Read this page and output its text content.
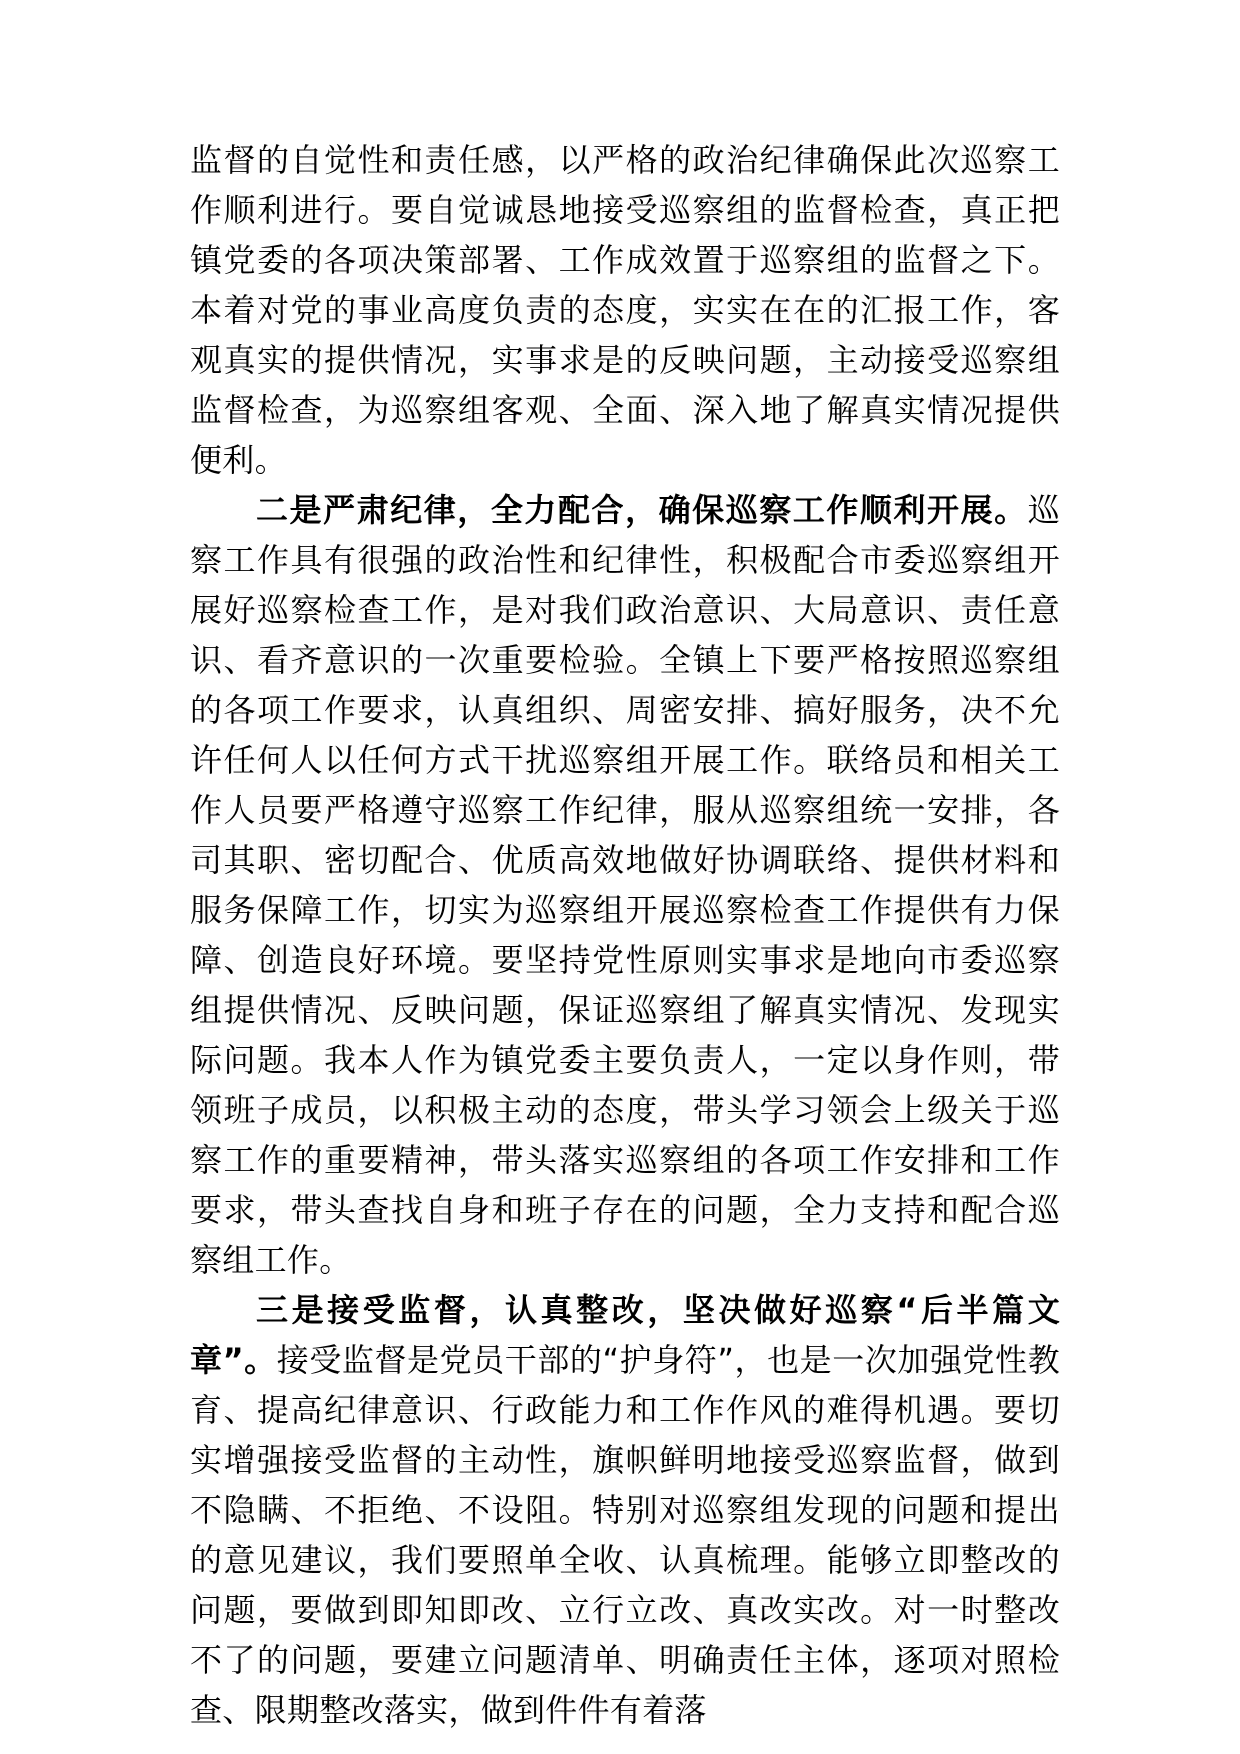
监督的自觉性和责任感，以严格的政治纪律确保此次巡察工作顺利进行。要自觉诚恳地接受巡察组的监督检查，真正把镇党委的各项决策部署、工作成效置于巡察组的监督之下。本着对党的事业高度负责的态度，实实在在的汇报工作，客观真实的提供情况，实事求是的反映问题，主动接受巡察组监督检查，为巡察组客观、全面、深入地了解真实情况提供便利。

二是严肃纪律，全力配合，确保巡察工作顺利开展。巡察工作具有很强的政治性和纪律性，积极配合市委巡察组开展好巡察检查工作，是对我们政治意识、大局意识、责任意识、看齐意识的一次重要检验。全镇上下要严格按照巡察组的各项工作要求，认真组织、周密安排、搞好服务，决不允许任何人以任何方式干扰巡察组开展工作。联络员和相关工作人员要严格遵守巡察工作纪律，服从巡察组统一安排，各司其职、密切配合、优质高效地做好协调联络、提供材料和服务保障工作，切实为巡察组开展巡察检查工作提供有力保障、创造良好环境。要坚持党性原则实事求是地向市委巡察组提供情况、反映问题，保证巡察组了解真实情况、发现实际问题。我本人作为镇党委主要负责人，一定以身作则，带领班子成员，以积极主动的态度，带头学习领会上级关于巡察工作的重要精神，带头落实巡察组的各项工作安排和工作要求，带头查找自身和班子存在的问题，全力支持和配合巡察组工作。

三是接受监督，认真整改，坚决做好巡察“后半篇文章”。接受监督是党员干部的“护身符”，也是一次加强党性教育、提高纪律意识、行政能力和工作作风的难得机遇。要切实增强接受监督的主动性，旗帜鲜明地接受巡察监督，做到不隐瞒、不拒绝、不设阻。特别对巡察组发现的问题和提出的意见建议，我们要照单全收、认真梳理。能够立即整改的问题，要做到即知即改、立行立改、真改实改。对一时整改不了的问题，要建立问题清单、明确责任主体，逐项对照检查、限期整改落实，做到件件有着落
